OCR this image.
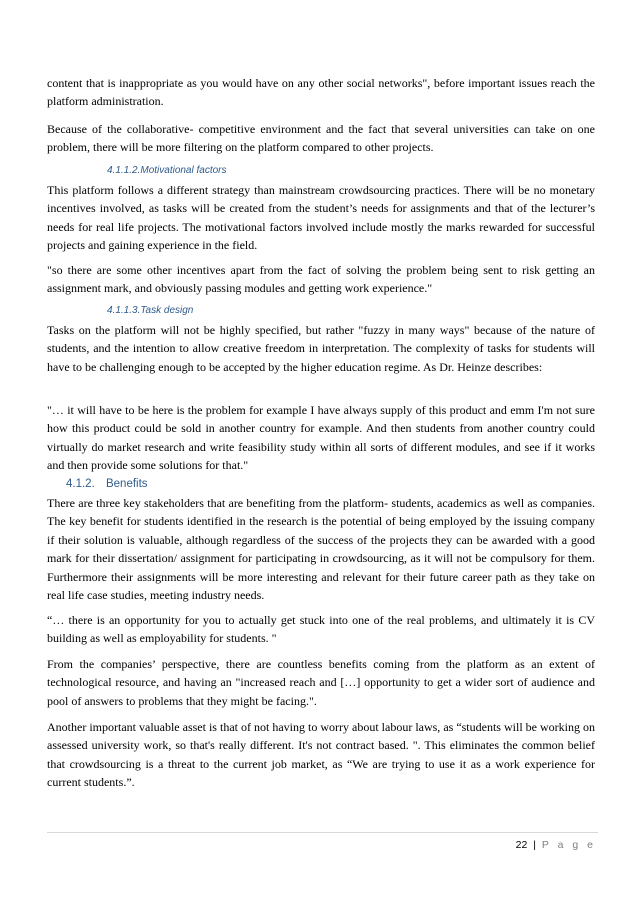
content that is inappropriate as you would have on any other social networks", before important issues reach the platform administration.

Because of the collaborative- competitive environment and the fact that several universities can take on one problem, there will be more filtering on the platform compared to other projects.

4.1.1.2.Motivational factors

This platform follows a different strategy than mainstream crowdsourcing practices. There will be no monetary incentives involved, as tasks will be created from the student’s needs for assignments and that of the lecturer’s needs for real life projects. The motivational factors involved include mostly the marks rewarded for successful projects and gaining experience in the field.

"so there are some other incentives apart from the fact of solving the problem being sent to risk getting an assignment mark, and obviously passing modules and getting work experience."

4.1.1.3.Task design

Tasks on the platform will not be highly specified, but rather "fuzzy in many ways" because of the nature of students, and the intention to allow creative freedom in interpretation. The complexity of tasks for students will have to be challenging enough to be accepted by the higher education regime. As Dr. Heinze describes:

"… it will have to be here is the problem for example I have always supply of this product and emm I'm not sure how this product could be sold in another country for example. And then students from another country could virtually do market research and write feasibility study within all sorts of different modules, and see if it works and then provide some solutions for that."

4.1.2. Benefits

There are three key stakeholders that are benefiting from the platform- students, academics as well as companies. The key benefit for students identified in the research is the potential of being employed by the issuing company if their solution is valuable, although regardless of the success of the projects they can be awarded with a good mark for their dissertation/ assignment for participating in crowdsourcing, as it will not be compulsory for them. Furthermore their assignments will be more interesting and relevant for their future career path as they take on real life case studies, meeting industry needs.

“… there is an opportunity for you to actually get stuck into one of the real problems, and ultimately it is CV building as well as employability for students. "

From the companies’ perspective, there are countless benefits coming from the platform as an extent of technological resource, and having an "increased reach and […] opportunity to get a wider sort of audience and pool of answers to problems that they might be facing.".

Another important valuable asset is that of not having to worry about labour laws, as “students will be working on assessed university work, so that's really different. It's not contract based. ". This eliminates the common belief that crowdsourcing is a threat to the current job market, as “We are trying to use it as a work experience for current students.”.

22 | P a g e
